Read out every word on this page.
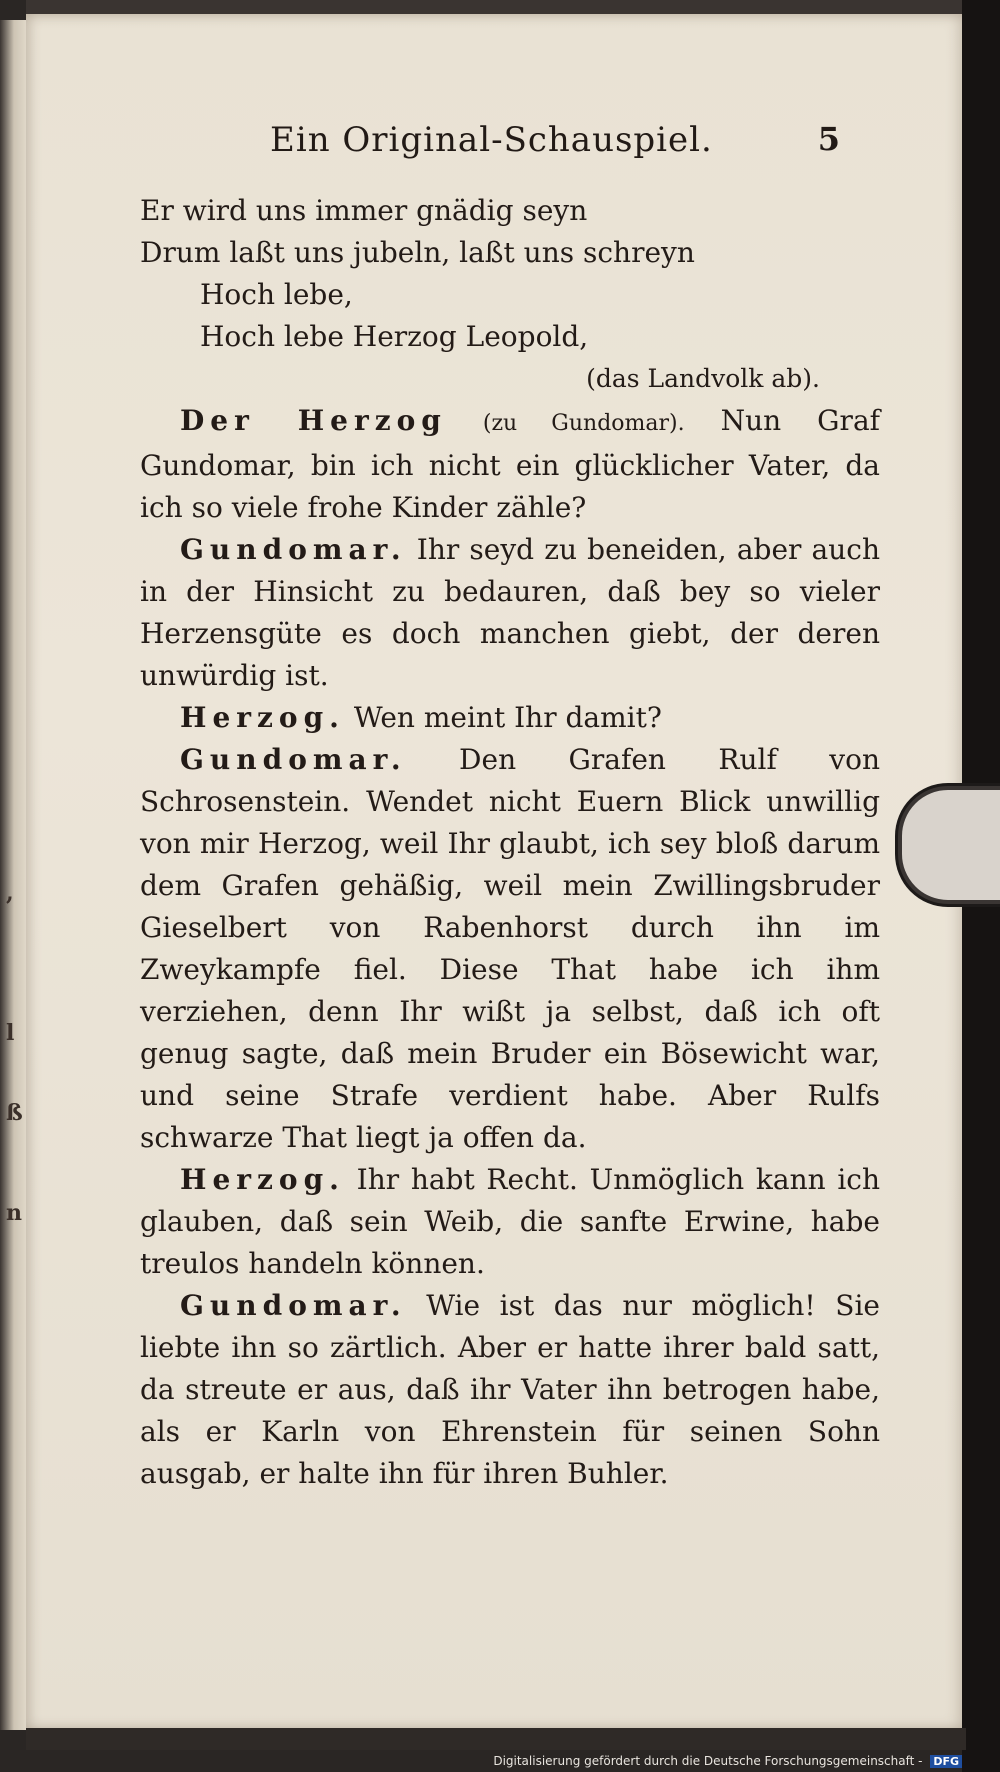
,
l
ß
n
Ein Original-Schauspiel.	5
Er wird uns immer gnädig seyn
Drum laßt uns jubeln, laßt uns schreyn
Hoch lebe,
Hoch lebe Herzog Leopold,
(das Landvolk ab).

Der Herzog (zu Gundomar). Nun Graf Gundomar, bin ich nicht ein glücklicher Vater, da ich so viele frohe Kinder zähle?

Gundomar. Ihr seyd zu beneiden, aber auch in der Hinsicht zu bedauren, daß bey so vieler Herzensgüte es doch manchen giebt, der deren unwürdig ist.

Herzog. Wen meint Ihr damit?

Gundomar. Den Grafen Rulf von Schrosenstein. Wendet nicht Euern Blick unwillig von mir Herzog, weil Ihr glaubt, ich sey bloß darum dem Grafen gehäßig, weil mein Zwillingsbruder Gieselbert von Rabenhorst durch ihn im Zweykampfe fiel. Diese That habe ich ihm verziehen, denn Ihr wißt ja selbst, daß ich oft genug sagte, daß mein Bruder ein Bösewicht war, und seine Strafe verdient habe. Aber Rulfs schwarze That liegt ja offen da.

Herzog. Ihr habt Recht. Unmöglich kann ich glauben, daß sein Weib, die sanfte Erwine, habe treulos handeln können.

Gundomar. Wie ist das nur möglich! Sie liebte ihn so zärtlich. Aber er hatte ihrer bald satt, da streute er aus, daß ihr Vater ihn betrogen habe, als er Karln von Ehrenstein für seinen Sohn ausgab, er halte ihn für ihren Buhler.

Digitalisierung gefördert durch die Deutsche Forschungsgemeinschaft - DFG
